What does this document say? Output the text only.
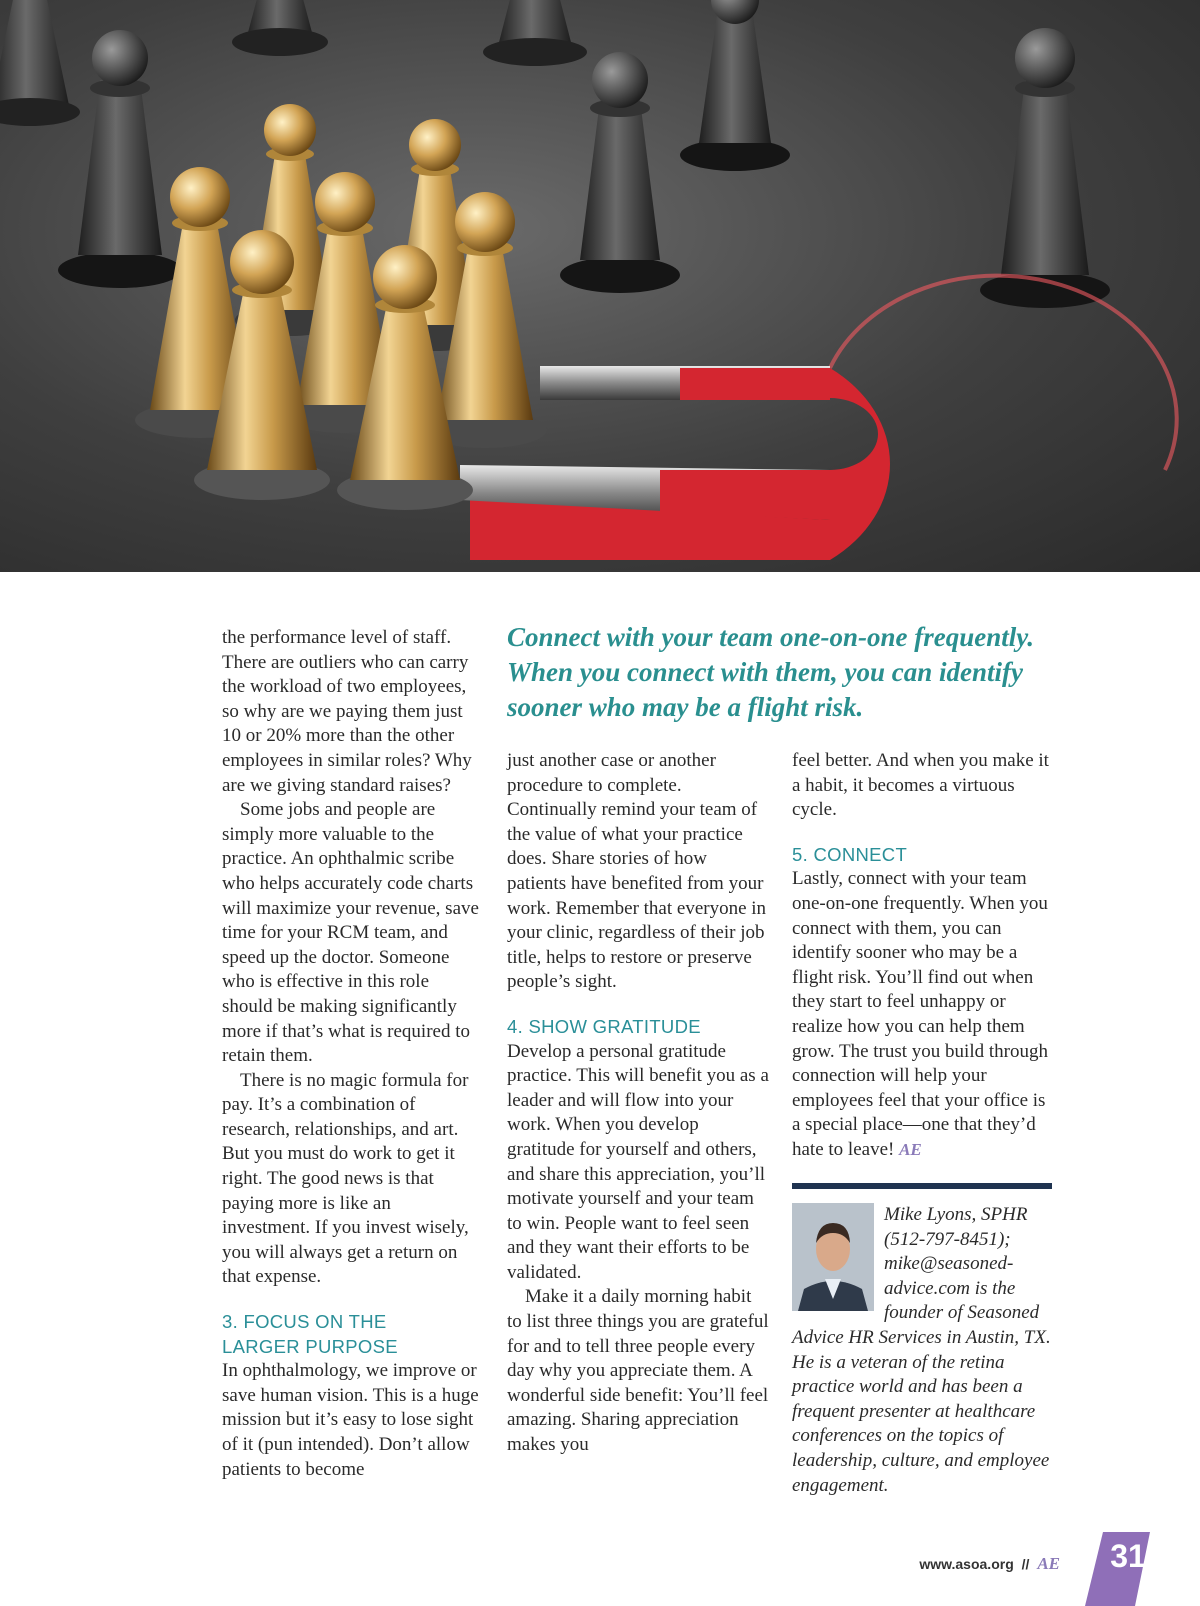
Connect with your team one-on-one frequently. When you connect with them, you can identify sooner who may be a flight risk.

the performance level of staff. There are outliers who can carry the workload of two employees, so why are we paying them just 10 or 20% more than the other employees in similar roles? Why are we giving standard raises?

Some jobs and people are simply more valuable to the practice. An ophthalmic scribe who helps accurately code charts will maximize your revenue, save time for your RCM team, and speed up the doctor. Someone who is effective in this role should be making significantly more if that’s what is required to retain them.

There is no magic formula for pay. It’s a combination of research, relationships, and art. But you must do work to get it right. The good news is that paying more is like an investment. If you invest wisely, you will always get a return on that expense.

3. FOCUS ON THE
LARGER PURPOSE

In ophthalmology, we improve or save human vision. This is a huge mission but it’s easy to lose sight of it (pun intended). Don’t allow patients to become

just another case or another procedure to complete. Continually remind your team of the value of what your practice does. Share stories of how patients have benefited from your work. Remember that everyone in your clinic, regardless of their job title, helps to restore or preserve people’s sight.

4. SHOW GRATITUDE

Develop a personal gratitude practice. This will benefit you as a leader and will flow into your work. When you develop gratitude for yourself and others, and share this appreciation, you’ll motivate yourself and your team to win. People want to feel seen and they want their efforts to be validated.

Make it a daily morning habit to list three things you are grateful for and to tell three people every day why you appreciate them. A wonderful side benefit: You’ll feel amazing. Sharing appreciation makes you

feel better. And when you make it a habit, it becomes a virtuous cycle.

5. CONNECT

Lastly, connect with your team one-on-one frequently. When you connect with them, you can identify sooner who may be a flight risk. You’ll find out when they start to feel unhappy or realize how you can help them grow. The trust you build through connection will help your employees feel that your office is a special place—one that they’d hate to leave! AE

Mike Lyons, SPHR (512-797-8451); mike@seasoned-advice.com is the founder of Seasoned Advice HR Services in Austin, TX. He is a veteran of the retina practice world and has been a frequent presenter at healthcare conferences on the topics of leadership, culture, and employee engagement.
www.asoa.org // AE 31
